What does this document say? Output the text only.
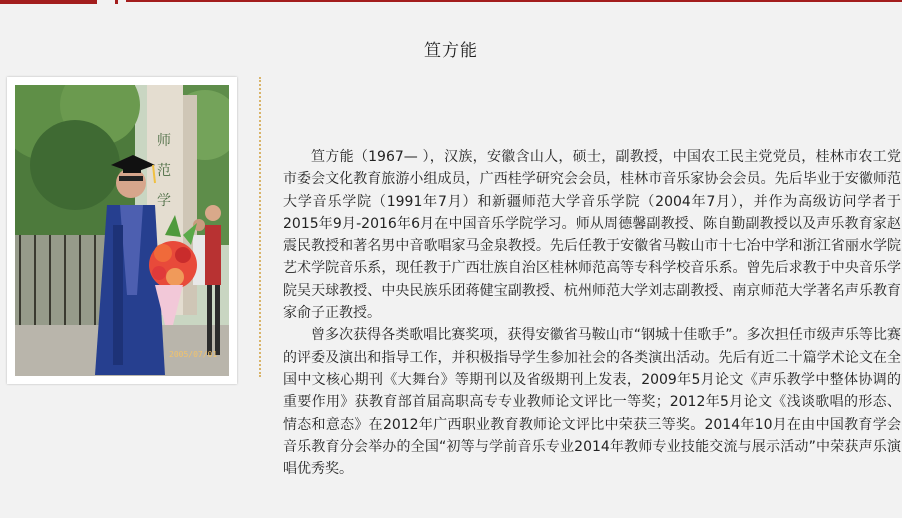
笪方能
师
范
学
2005/07/01

笪方能（1967— ），汉族，安徽含山人，硕士，副教授，中国农工民主党党员，桂林市农工党市委会文化教育旅游小组成员，广西桂学研究会会员，桂林市音乐家协会会员。先后毕业于安徽师范大学音乐学院（1991年7月）和新疆师范大学音乐学院（2004年7月），并作为高级访问学者于2015年9月-2016年6月在中国音乐学院学习。师从周德馨副教授、陈自勤副教授以及声乐教育家赵震民教授和著名男中音歌唱家马金泉教授。先后任教于安徽省马鞍山市十七冶中学和浙江省丽水学院艺术学院音乐系，现任教于广西壮族自治区桂林师范高等专科学校音乐系。曾先后求教于中央音乐学院吴天球教授、中央民族乐团蒋健宝副教授、杭州师范大学刘志副教授、南京师范大学著名声乐教育家俞子正教授。

曾多次获得各类歌唱比赛奖项，获得安徽省马鞍山市“钢城十佳歌手”。多次担任市级声乐等比赛的评委及演出和指导工作，并积极指导学生参加社会的各类演出活动。先后有近二十篇学术论文在全国中文核心期刊《大舞台》等期刊以及省级期刊上发表，2009年5月论文《声乐教学中整体协调的重要作用》获教育部首届高职高专专业教师论文评比一等奖；2012年5月论文《浅谈歌唱的形态、情态和意态》在2012年广西职业教育教师论文评比中荣获三等奖。2014年10月在由中国教育学会音乐教育分会举办的全国“初等与学前音乐专业2014年教师专业技能交流与展示活动”中荣获声乐演唱优秀奖。
